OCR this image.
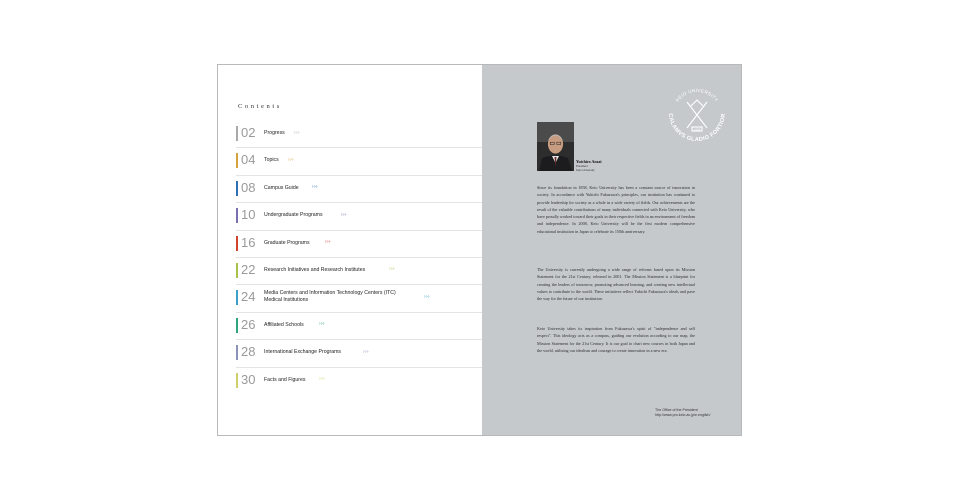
Contents
02 Progress ›››
04 Topics ›››
08 Campus Guide	›››
10 Undergraduate Programs	›››
16 Graduate Programs	›››
22 Research Initiatives and Research Institutes	›››
24 Media Centers and Information Technology Centers (ITC)
Medical Institutions	›››
26 Affiliated Schools	›››
28 International Exchange Programs	›››
30 Facts and Figures	›››
KEIO UNIVERSITY
CALAMVS GLADIO FORTIOR
1858
Yuichiro Anzai
President
Keio University

Since its foundation in 1858, Keio University has been a constant source of innovation in society. In accordance with Yukichi Fukuzawa's principles, our institution has continued to provide leadership for society as a whole in a wide variety of fields. Our achievements are the result of the valuable contributions of many individuals connected with Keio University, who have proudly worked toward their goals in their respective fields in an environment of freedom and independence. In 2008, Keio University will be the first modern comprehensive educational institution in Japan to celebrate its 150th anniversary.

The University is currently undergoing a wide range of reforms based upon its Mission Statement for the 21st Century, released in 2001. The Mission Statement is a blueprint for creating the leaders of tomorrow, promoting advanced learning, and creating new intellectual values to contribute to the world. These initiatives reflect Yukichi Fukuzawa's ideals and pave the way for the future of our institution.

Keio University takes its inspiration from Fukuzawa's spirit of "independence and self respect". This ideology acts as a compass, guiding our evolution according to our map, the Mission Statement for the 21st Century. It is our goal to chart new courses in both Japan and the world, utilizing our idealism and courage to create innovation in a new era.

The Office of the President
http://www.pro.keio.ac.jp/e.english/
